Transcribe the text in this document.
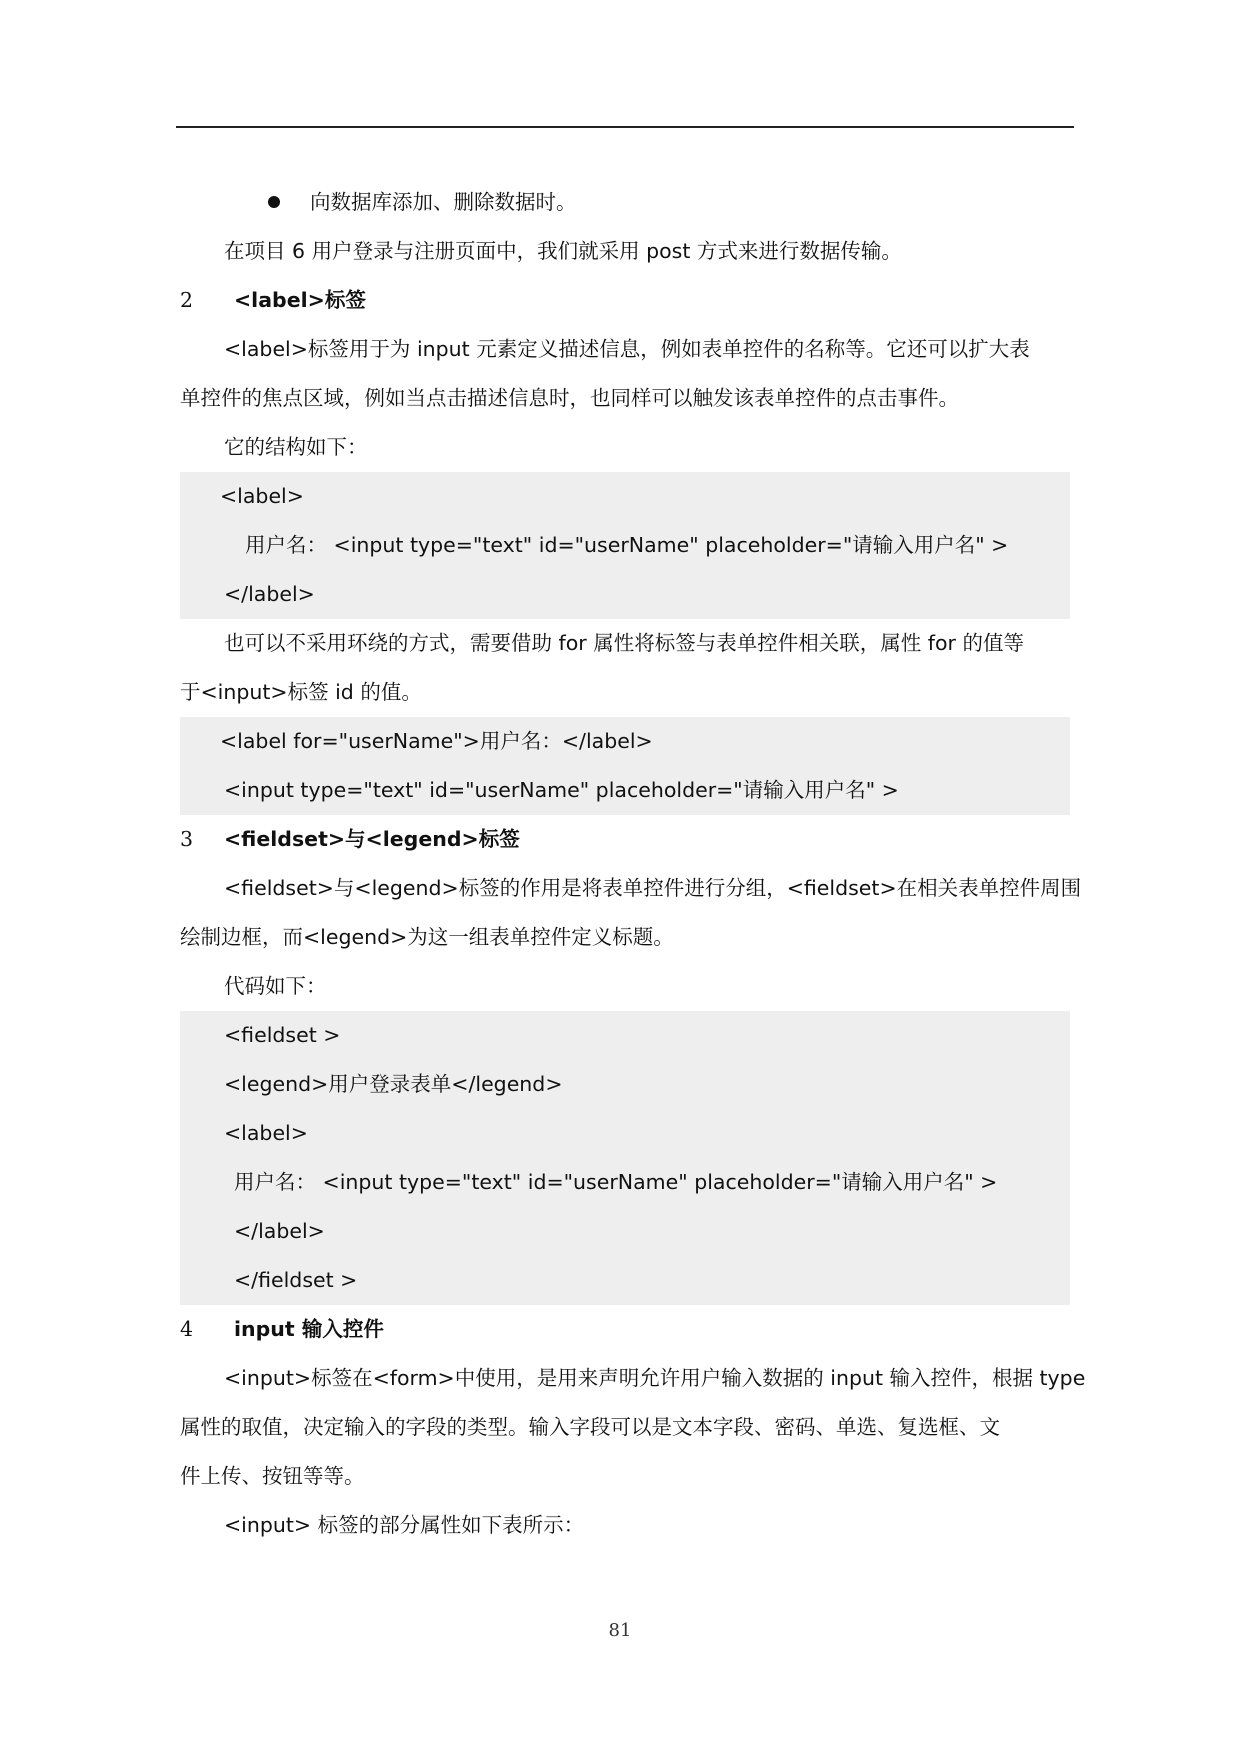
向数据库添加、删除数据时。
在项目 6 用户登录与注册页面中，我们就采用 post 方式来进行数据传输。
2 <label>标签
<label>标签用于为 input 元素定义描述信息，例如表单控件的名称等。它还可以扩大表
单控件的焦点区域，例如当点击描述信息时，也同样可以触发该表单控件的点击事件。
它的结构如下：
<label>
用户名： <input type="text" id="userName" placeholder="请输入用户名" >
</label>
也可以不采用环绕的方式，需要借助 for 属性将标签与表单控件相关联，属性 for 的值等
于<input>标签 id 的值。
<label for="userName">用户名：</label>
<input type="text" id="userName" placeholder="请输入用户名" >
3 <fieldset>与<legend>标签
<fieldset>与<legend>标签的作用是将表单控件进行分组，<fieldset>在相关表单控件周围
绘制边框，而<legend>为这一组表单控件定义标题。
代码如下：
<fieldset >
<legend>用户登录表单</legend>
<label>
用户名： <input type="text" id="userName" placeholder="请输入用户名" >
</label>
</fieldset >
4 input 输入控件
<input>标签在<form>中使用，是用来声明允许用户输入数据的 input 输入控件，根据 type
属性的取值，决定输入的字段的类型。输入字段可以是文本字段、密码、单选、复选框、文
件上传、按钮等等。
<input> 标签的部分属性如下表所示：
81
